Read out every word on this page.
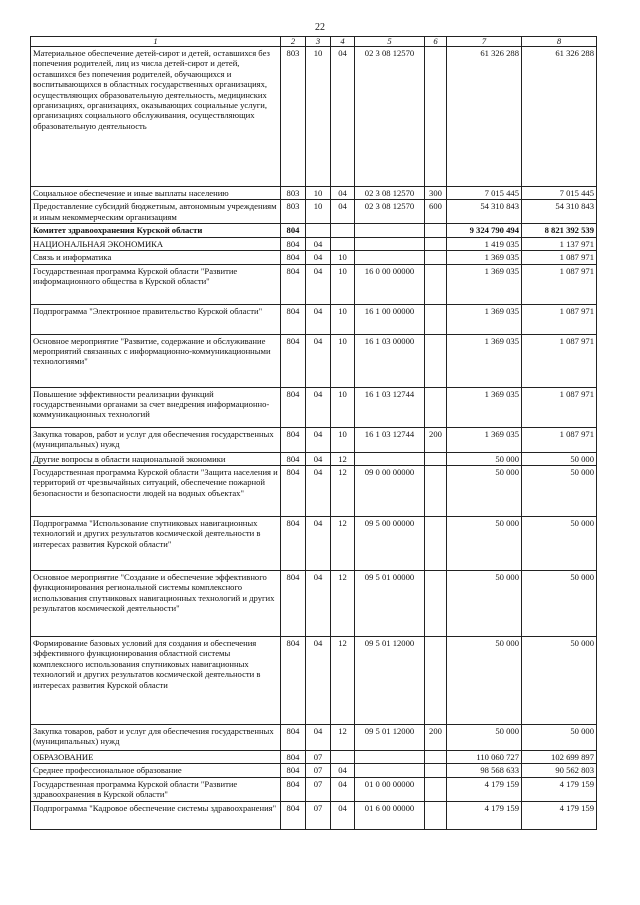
22
1	2	3	4	5	6	7	8
Материальное обеспечение детей-сирот и детей, оставшихся без попечения родителей, лиц из числа детей-сирот и детей, оставшихся без попечения родителей, обучающихся и воспитывающихся в областных государственных организациях, осуществляющих образовательную деятельность, медицинских организациях, организациях, оказывающих социальные услуги, организациях социального обслуживания, осуществляющих образовательную деятельность	803	10	04	02 3 08 12570		61 326 288	61 326 288
Социальное обеспечение и иные выплаты населению	803	10	04	02 3 08 12570	300	7 015 445	7 015 445
Предоставление субсидий бюджетным, автономным учреждениям и иным некоммерческим организациям	803	10	04	02 3 08 12570	600	54 310 843	54 310 843
Комитет здравоохранения Курской области	804					9 324 790 494	8 821 392 539
НАЦИОНАЛЬНАЯ ЭКОНОМИКА	804	04				1 419 035	1 137 971
Связь и информатика	804	04	10			1 369 035	1 087 971
Государственная программа Курской области "Развитие информационного общества в Курской области"	804	04	10	16 0 00 00000		1 369 035	1 087 971
Подпрограмма "Электронное правительство Курской области"	804	04	10	16 1 00 00000		1 369 035	1 087 971
Основное мероприятие "Развитие, содержание и обслуживание мероприятий связанных с информационно-коммуникационными технологиями"	804	04	10	16 1 03 00000		1 369 035	1 087 971
Повышение эффективности реализации функций государственными органами за счет внедрения информационно-коммуникационных технологий	804	04	10	16 1 03 12744		1 369 035	1 087 971
Закупка товаров, работ и услуг для обеспечения государственных (муниципальных) нужд	804	04	10	16 1 03 12744	200	1 369 035	1 087 971
Другие вопросы в области национальной экономики	804	04	12			50 000	50 000
Государственная программа Курской области "Защита населения и территорий от чрезвычайных ситуаций, обеспечение пожарной безопасности и безопасности людей на водных объектах"	804	04	12	09 0 00 00000		50 000	50 000
Подпрограмма "Использование спутниковых навигационных технологий и других результатов космической деятельности в интересах развития Курской области"	804	04	12	09 5 00 00000		50 000	50 000
Основное мероприятие "Создание и обеспечение эффективного функционирования региональной системы комплексного использования спутниковых навигационных технологий и других результатов космической деятельности"	804	04	12	09 5 01 00000		50 000	50 000
Формирование базовых условий для создания и обеспечения эффективного функционирования областной системы комплексного использования спутниковых навигационных технологий и других результатов космической деятельности в интересах развития Курской области	804	04	12	09 5 01 12000		50 000	50 000
Закупка товаров, работ и услуг для обеспечения государственных (муниципальных) нужд	804	04	12	09 5 01 12000	200	50 000	50 000
ОБРАЗОВАНИЕ	804	07				110 060 727	102 699 897
Среднее профессиональное образование	804	07	04			98 568 633	90 562 803
Государственная программа Курской области "Развитие здравоохранения в Курской области"	804	07	04	01 0 00 00000		4 179 159	4 179 159
Подпрограмма "Кадровое обеспечение системы здравоохранения"	804	07	04	01 6 00 00000		4 179 159	4 179 159
